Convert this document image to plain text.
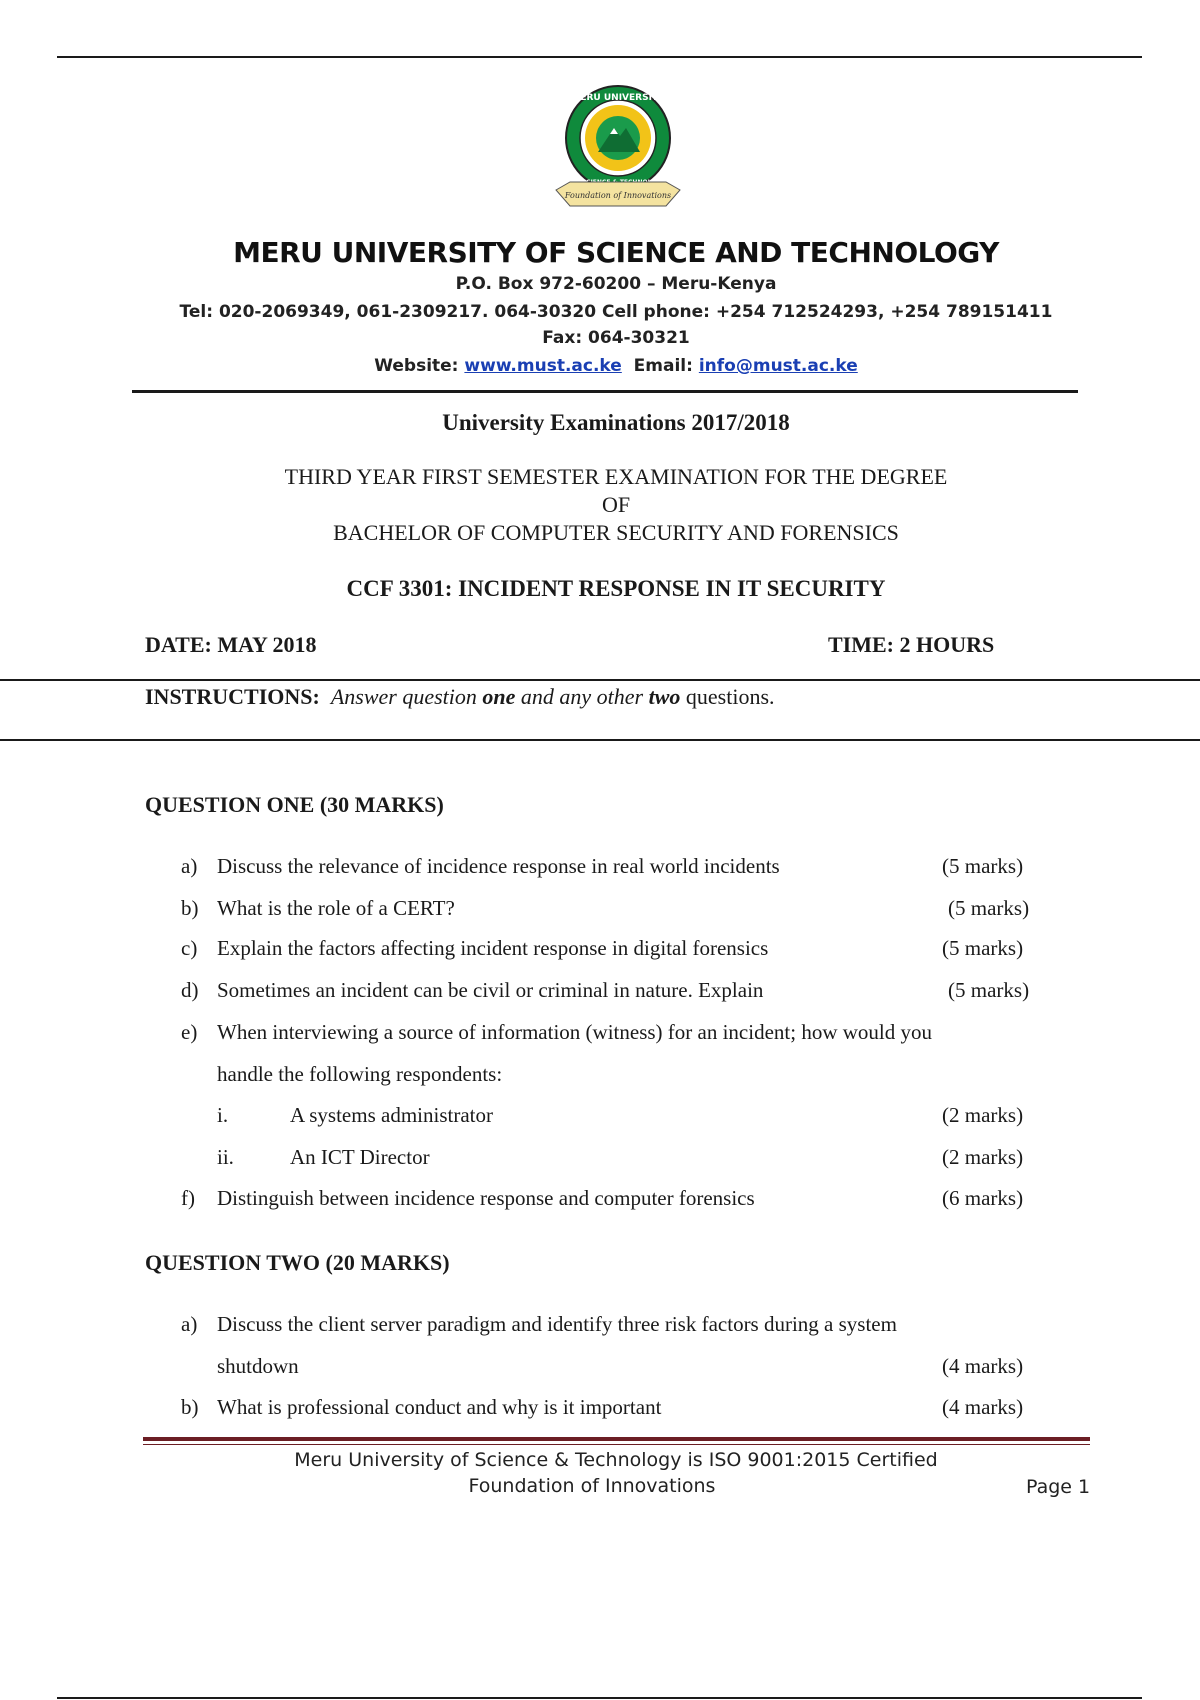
MERU UNIVERSITY
Foundation of Innovations
MERU UNIVERSITY OF SCIENCE AND TECHNOLOGY
P.O. Box 972-60200 – Meru-Kenya
Tel: 020-2069349, 061-2309217. 064-30320 Cell phone: +254 712524293, +254 789151411
Fax: 064-30321
Website: www.must.ac.ke Email: info@must.ac.ke
University Examinations 2017/2018
THIRD YEAR FIRST SEMESTER EXAMINATION FOR THE DEGREE
OF
BACHELOR OF COMPUTER SECURITY AND FORENSICS
CCF 3301: INCIDENT RESPONSE IN IT SECURITY
DATE: MAY 2018	TIME: 2 HOURS
INSTRUCTIONS: Answer question one and any other two questions.
QUESTION ONE (30 MARKS)
a) Discuss the relevance of incidence response in real world incidents	(5 marks)
b) What is the role of a CERT?	(5 marks)
c) Explain the factors affecting incident response in digital forensics	(5 marks)
d) Sometimes an incident can be civil or criminal in nature. Explain	(5 marks)
e) When interviewing a source of information (witness) for an incident; how would you
handle the following respondents:
i.	A systems administrator	(2 marks)
ii.	An ICT Director	(2 marks)
f) Distinguish between incidence response and computer forensics	(6 marks)
QUESTION TWO (20 MARKS)
a) Discuss the client server paradigm and identify three risk factors during a system
shutdown	(4 marks)
b) What is professional conduct and why is it important	(4 marks)
Meru University of Science & Technology is ISO 9001:2015 Certified
Foundation of Innovations	Page 1
